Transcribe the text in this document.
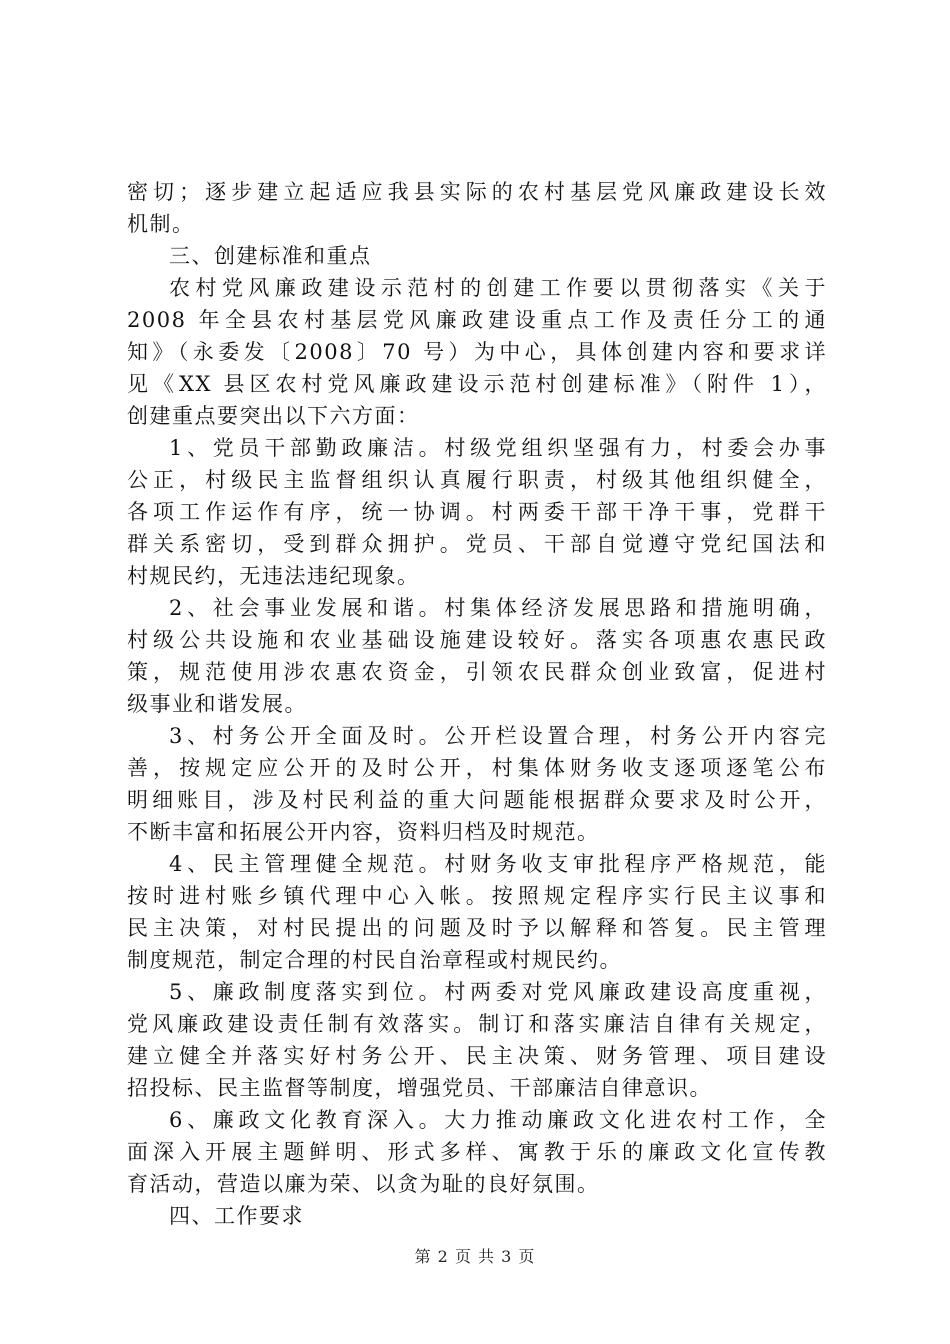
密切；逐步建立起适应我县实际的农村基层党风廉政建设长效
机制。
三、创建标准和重点
农村党风廉政建设示范村的创建工作要以贯彻落实《关于
2008 年全县农村基层党风廉政建设重点工作及责任分工的通
知》（永委发〔2008〕70 号）为中心，具体创建内容和要求详
见《XX 县区农村党风廉政建设示范村创建标准》（附件 1），
创建重点要突出以下六方面：
1、党员干部勤政廉洁。村级党组织坚强有力，村委会办事
公正，村级民主监督组织认真履行职责，村级其他组织健全，
各项工作运作有序，统一协调。村两委干部干净干事，党群干
群关系密切，受到群众拥护。党员、干部自觉遵守党纪国法和
村规民约，无违法违纪现象。
2、社会事业发展和谐。村集体经济发展思路和措施明确，
村级公共设施和农业基础设施建设较好。落实各项惠农惠民政
策，规范使用涉农惠农资金，引领农民群众创业致富，促进村
级事业和谐发展。
3、村务公开全面及时。公开栏设置合理，村务公开内容完
善，按规定应公开的及时公开，村集体财务收支逐项逐笔公布
明细账目，涉及村民利益的重大问题能根据群众要求及时公开，
不断丰富和拓展公开内容，资料归档及时规范。
4、民主管理健全规范。村财务收支审批程序严格规范，能
按时进村账乡镇代理中心入帐。按照规定程序实行民主议事和
民主决策，对村民提出的问题及时予以解释和答复。民主管理
制度规范，制定合理的村民自治章程或村规民约。
5、廉政制度落实到位。村两委对党风廉政建设高度重视，
党风廉政建设责任制有效落实。制订和落实廉洁自律有关规定，
建立健全并落实好村务公开、民主决策、财务管理、项目建设
招投标、民主监督等制度，增强党员、干部廉洁自律意识。
6、廉政文化教育深入。大力推动廉政文化进农村工作，全
面深入开展主题鲜明、形式多样、寓教于乐的廉政文化宣传教
育活动，营造以廉为荣、以贪为耻的良好氛围。
四、工作要求
第 2 页 共 3 页
